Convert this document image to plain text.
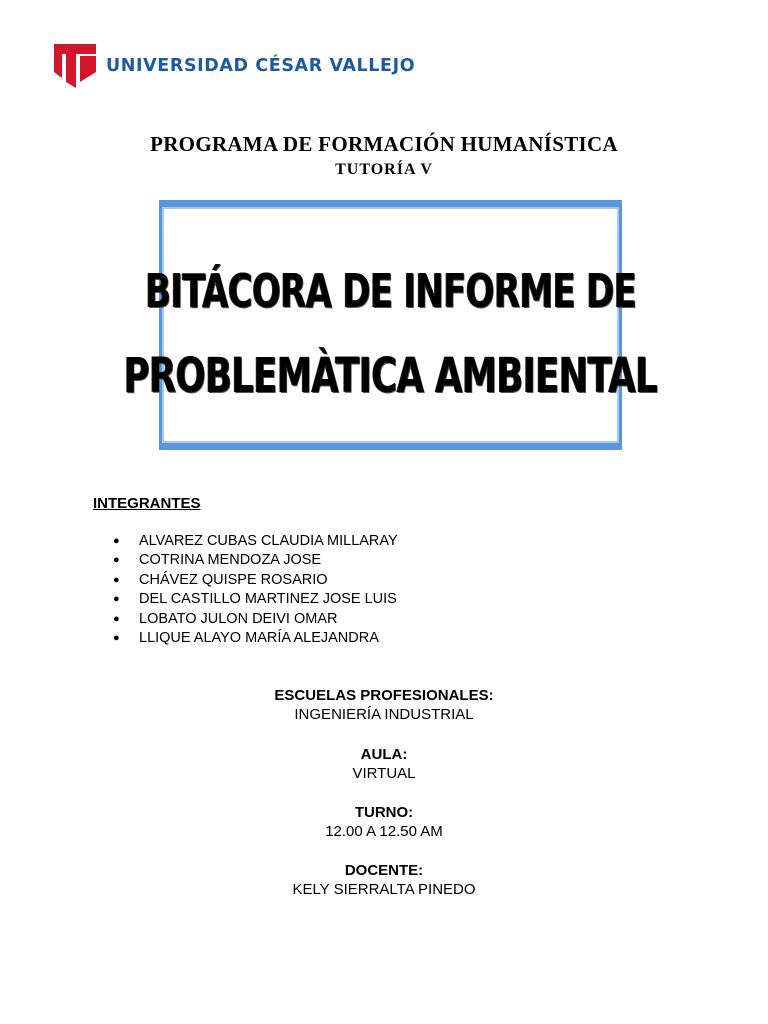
UNIVERSIDAD CÉSAR VALLEJO
PROGRAMA DE FORMACIÓN HUMANÍSTICA
TUTORÍA V
BITÁCORA DE INFORME DE
PROBLEMÀTICA AMBIENTAL
INTEGRANTES
●	ALVAREZ CUBAS CLAUDIA MILLARAY
●	COTRINA MENDOZA JOSE
●	CHÁVEZ QUISPE ROSARIO
●	DEL CASTILLO MARTINEZ JOSE LUIS
●	LOBATO JULON DEIVI OMAR
●	LLIQUE ALAYO MARÍA ALEJANDRA
ESCUELAS PROFESIONALES:
INGENIERÍA INDUSTRIAL
AULA:
VIRTUAL
TURNO:
12.00 A 12.50 AM
DOCENTE:
KELY SIERRALTA PINEDO
